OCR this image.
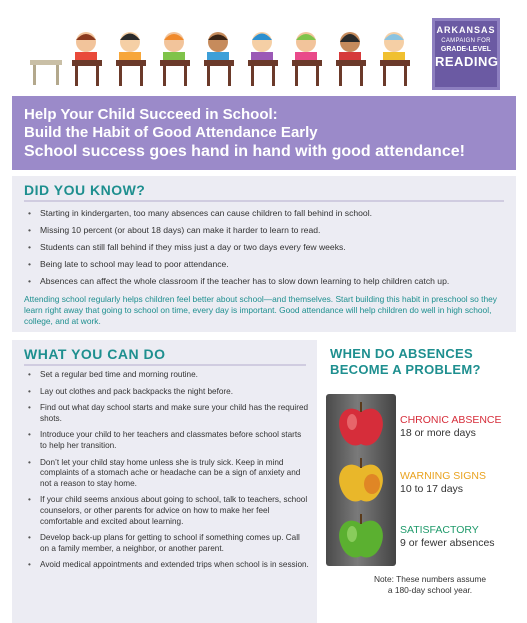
ARKANSAS
CAMPAIGN FOR
GRADE-LEVEL
READING
Help Your Child Succeed in School:
Build the Habit of Good Attendance Early
School success goes hand in hand with good attendance!
DID YOU KNOW?
• Starting in kindergarten, too many absences can cause children to fall behind in school.
• Missing 10 percent (or about 18 days) can make it harder to learn to read.
• Students can still fall behind if they miss just a day or two days every few weeks.
• Being late to school may lead to poor attendance.
• Absences can affect the whole classroom if the teacher has to slow down learning to help children catch up.
Attending school regularly helps children feel better about school—and themselves. Start building this habit in preschool so they learn right away that going to school on time, every day is important. Good attendance will help children do well in high school, college, and at work.
WHAT YOU CAN DO
• Set a regular bed time and morning routine.
• Lay out clothes and pack backpacks the night before.
• Find out what day school starts and make sure your child has the required shots.
• Introduce your child to her teachers and classmates before school starts to help her transition.
• Don’t let your child stay home unless she is truly sick. Keep in mind complaints of a stomach ache or headache can be a sign of anxiety and not a reason to stay home.
• If your child seems anxious about going to school, talk to teachers, school counselors, or other parents for advice on how to make her feel comfortable and excited about learning.
• Develop back-up plans for getting to school if something comes up. Call on a family member, a neighbor, or another parent.
• Avoid medical appointments and extended trips when school is in session.
WHEN DO ABSENCES
BECOME A PROBLEM?
CHRONIC ABSENCE
18 or more days
WARNING SIGNS
10 to 17 days
SATISFACTORY
9 or fewer absences
Note: These numbers assume
a 180-day school year.
